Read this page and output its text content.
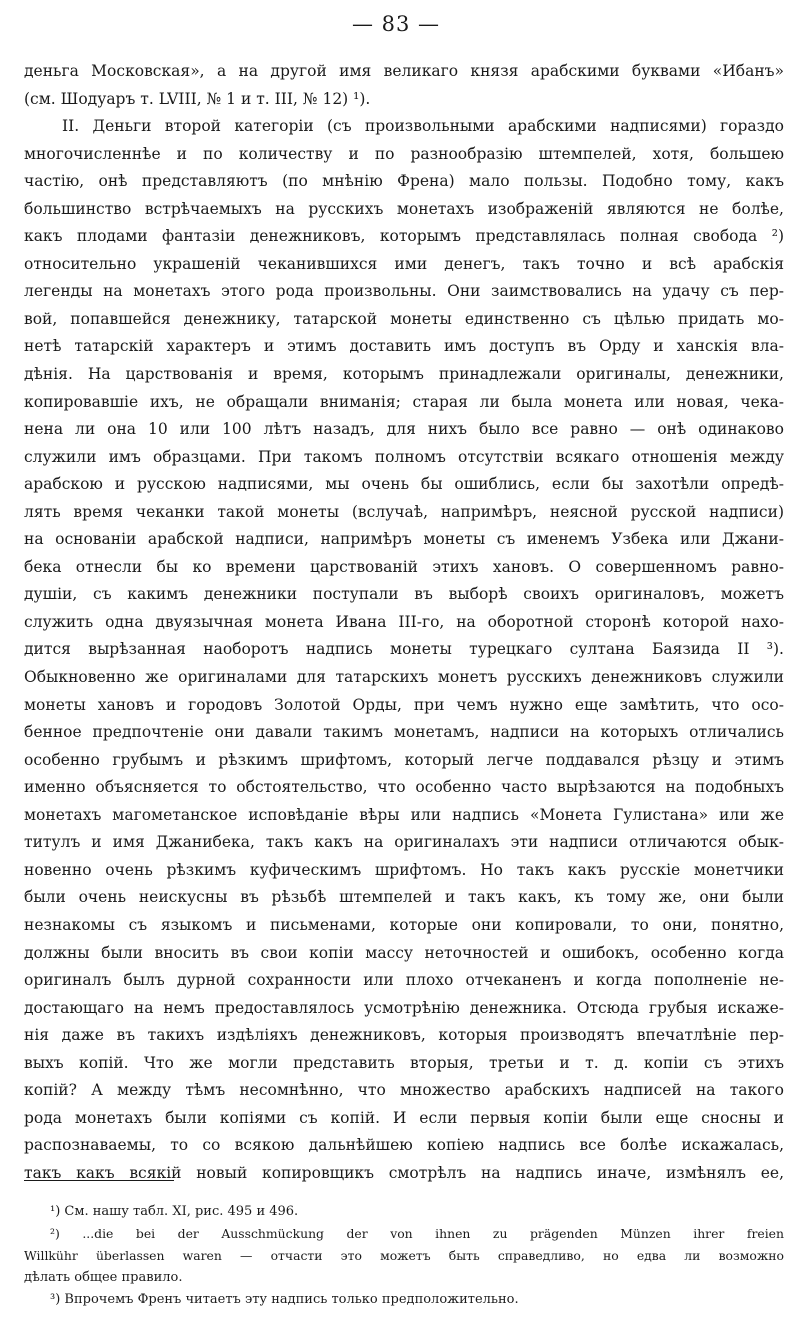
— 83 —
деньга Московская», а на другой имя великаго князя арабскими буквами «Ибанъ»
(см. Шодуаръ т. LVIII, № 1 и т. III, № 12) ¹).
II. Деньги второй категоріи (съ произвольными арабскими надписями) гораздо
многочисленнѣе и по количеству и по разнообразію штемпелей, хотя, большею
частію, онѣ представляютъ (по мнѣнію Френа) мало пользы. Подобно тому, какъ
большинство встрѣчаемыхъ на русскихъ монетахъ изображеній являются не болѣе,
какъ плодами фантазіи денежниковъ, которымъ представлялась полная свобода ²)
относительно украшеній чеканившихся ими денегъ, такъ точно и всѣ арабскія
легенды на монетахъ этого рода произвольны. Они заимствовались на удачу съ пер-
вой, попавшейся денежнику, татарской монеты единственно съ цѣлью придать мо-
нетѣ татарскій характеръ и этимъ доставить имъ доступъ въ Орду и ханскія вла-
дѣнія. На царствованія и время, которымъ принадлежали оригиналы, денежники,
копировавшіе ихъ, не обращали вниманія; старая ли была монета или новая, чека-
нена ли она 10 или 100 лѣтъ назадъ, для нихъ было все равно — онѣ одинаково
служили имъ образцами. При такомъ полномъ отсутствіи всякаго отношенія между
арабскою и русскою надписями, мы очень бы ошиблись, если бы захотѣли опредѣ-
лять время чеканки такой монеты (вслучаѣ, напримѣръ, неясной русской надписи)
на основаніи арабской надписи, напримѣръ монеты съ именемъ Узбека или Джани-
бека отнесли бы ко времени царствованій этихъ хановъ. О совершенномъ равно-
душіи, съ какимъ денежники поступали въ выборѣ своихъ оригиналовъ, можетъ
служить одна двуязычная монета Ивана III-го, на оборотной сторонѣ которой нахо-
дится вырѣзанная наоборотъ надпись монеты турецкаго султана Баязида II ³).
Обыкновенно же оригиналами для татарскихъ монетъ русскихъ денежниковъ служили
монеты хановъ и городовъ Золотой Орды, при чемъ нужно еще замѣтить, что осо-
бенное предпочтеніе они давали такимъ монетамъ, надписи на которыхъ отличались
особенно грубымъ и рѣзкимъ шрифтомъ, который легче поддавался рѣзцу и этимъ
именно объясняется то обстоятельство, что особенно часто вырѣзаются на подобныхъ
монетахъ магометанское исповѣданіе вѣры или надпись «Монета Гулистана» или же
титулъ и имя Джанибека, такъ какъ на оригиналахъ эти надписи отличаются обык-
новенно очень рѣзкимъ куфическимъ шрифтомъ. Но такъ какъ русскіе монетчики
были очень неискусны въ рѣзьбѣ штемпелей и такъ какъ, къ тому же, они были
незнакомы съ языкомъ и письменами, которые они копировали, то они, понятно,
должны были вносить въ свои копіи массу неточностей и ошибокъ, особенно когда
оригиналъ былъ дурной сохранности или плохо отчеканенъ и когда пополненіе не-
достающаго на немъ предоставлялось усмотрѣнію денежника. Отсюда грубыя искаже-
нія даже въ такихъ издѣліяхъ денежниковъ, которыя производятъ впечатлѣніе пер-
выхъ копій. Что же могли представить вторыя, третьи и т. д. копіи съ этихъ
копій? А между тѣмъ несомнѣнно, что множество арабскихъ надписей на такого
рода монетахъ были копіями съ копій. И если первыя копіи были еще сносны и
распознаваемы, то со всякою дальнѣйшею копіею надпись все болѣе искажалась,
такъ какъ всякій новый копировщикъ смотрѣлъ на надпись иначе, измѣнялъ ее,
¹) См. нашу табл. XI, рис. 495 и 496.
²) ...die bei der Ausschmückung der von ihnen zu prägenden Münzen ihrer freien
Willkühr überlassen waren — отчасти это можетъ быть справедливо, но едва ли возможно
дѣлать общее правило.
³) Впрочемъ Френъ читаетъ эту надпись только предположительно.
